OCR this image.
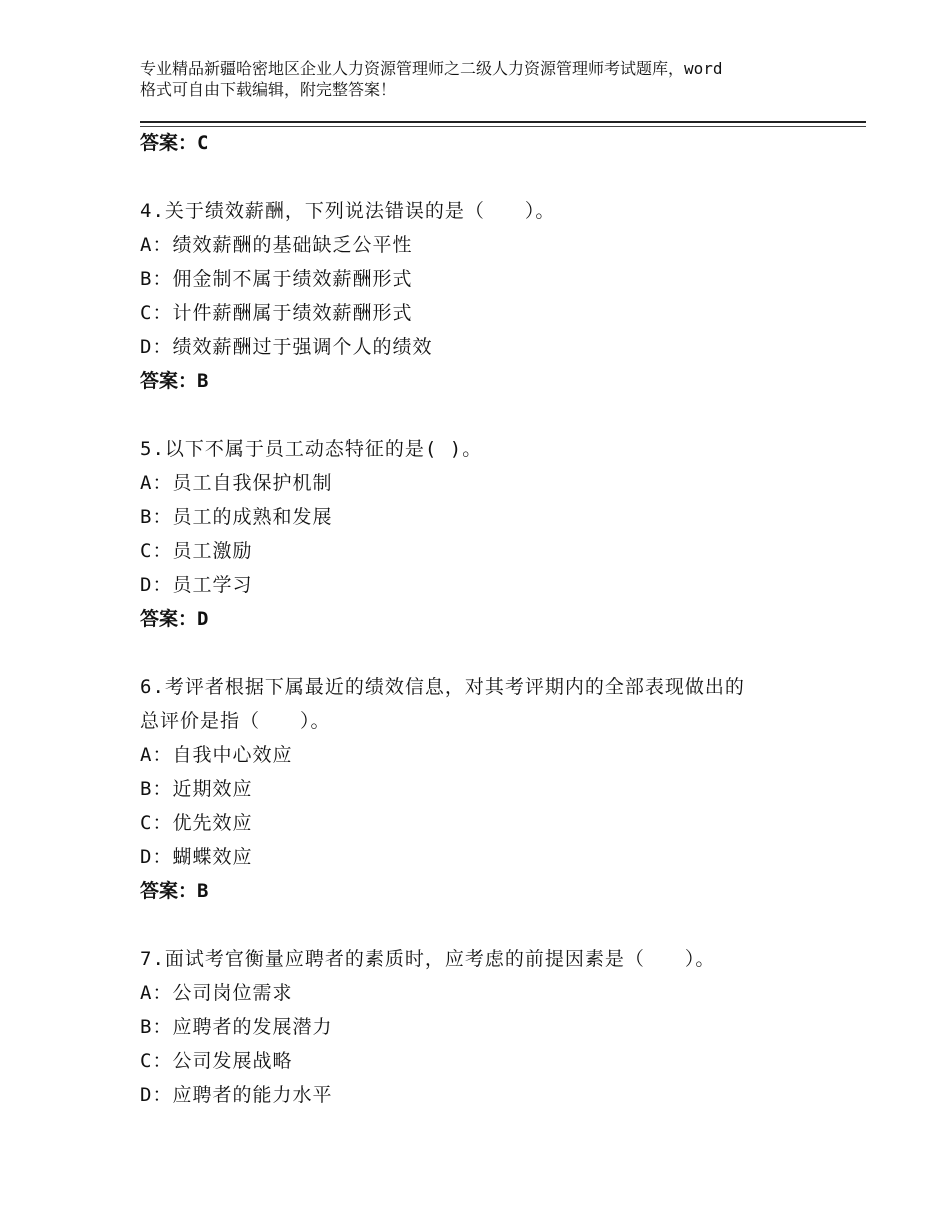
专业精品新疆哈密地区企业人力资源管理师之二级人力资源管理师考试题库，word
格式可自由下载编辑，附完整答案！

答案：C

4.关于绩效薪酬，下列说法错误的是（　　）。

A：绩效薪酬的基础缺乏公平性

B：佣金制不属于绩效薪酬形式

C：计件薪酬属于绩效薪酬形式

D：绩效薪酬过于强调个人的绩效

答案：B

5.以下不属于员工动态特征的是( )。

A：员工自我保护机制

B：员工的成熟和发展

C：员工激励

D：员工学习

答案：D

6.考评者根据下属最近的绩效信息，对其考评期内的全部表现做出的

总评价是指（　　）。

A：自我中心效应

B：近期效应

C：优先效应

D：蝴蝶效应

答案：B

7.面试考官衡量应聘者的素质时，应考虑的前提因素是（　　）。

A：公司岗位需求

B：应聘者的发展潜力

C：公司发展战略

D：应聘者的能力水平
